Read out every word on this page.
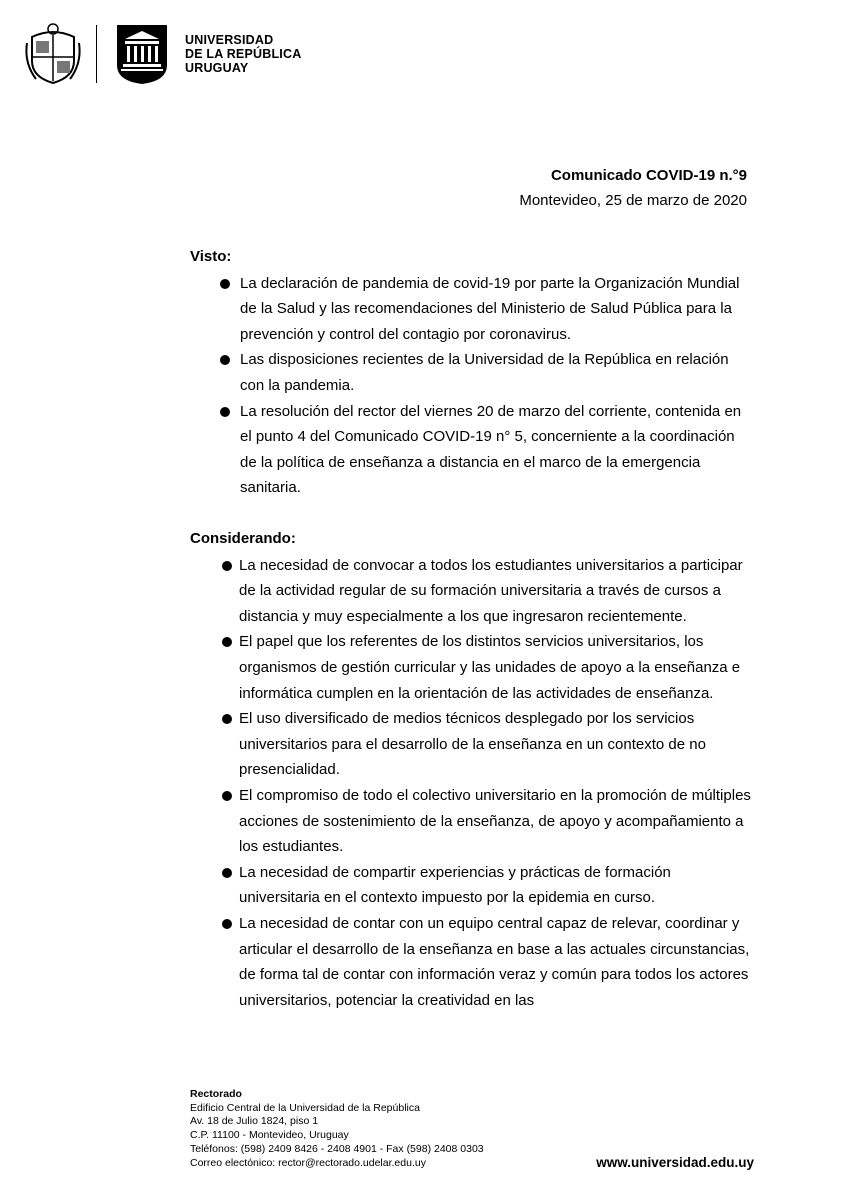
UNIVERSIDAD
DE LA REPÚBLICA
URUGUAY
Comunicado COVID-19 n.°9
Montevideo, 25 de marzo de 2020
Visto:
La declaración de pandemia de covid-19 por parte la Organización Mundial de la Salud y las recomendaciones del Ministerio de Salud Pública para la prevención y control del contagio por coronavirus.
Las disposiciones recientes de la Universidad de la República en relación con la pandemia.
La resolución del rector del viernes 20 de marzo del corriente, contenida en el punto 4 del Comunicado COVID-19 n° 5, concerniente a la coordinación de la política de enseñanza a distancia en el marco de la emergencia sanitaria.
Considerando:
La necesidad de convocar a todos los estudiantes universitarios a participar de la actividad regular de su formación universitaria a través de cursos a distancia y muy especialmente a los que ingresaron recientemente.
El papel que los referentes de los distintos servicios universitarios, los organismos de gestión curricular y las unidades de apoyo a la enseñanza e informática cumplen en la orientación de las actividades de enseñanza.
El uso diversificado de medios técnicos desplegado por los servicios universitarios para el desarrollo de la enseñanza en un contexto de no presencialidad.
El compromiso de todo el colectivo universitario en la promoción de múltiples acciones de sostenimiento de la enseñanza, de apoyo y acompañamiento a los estudiantes.
La necesidad de compartir experiencias y prácticas de formación universitaria en el contexto impuesto por la epidemia en curso.
La necesidad de contar con un equipo central capaz de relevar, coordinar y articular el desarrollo de la enseñanza en base a las actuales circunstancias, de forma tal de contar con información veraz y común para todos los actores universitarios, potenciar la creatividad en las
Rectorado
Edificio Central de la Universidad de la República
Av. 18 de Julio 1824, piso 1
C.P. 11100 - Montevideo, Uruguay
Teléfonos: (598) 2409 8426 - 2408 4901 - Fax (598) 2408 0303
Correo electónico: rector@rectorado.udelar.edu.uy	www.universidad.edu.uy
